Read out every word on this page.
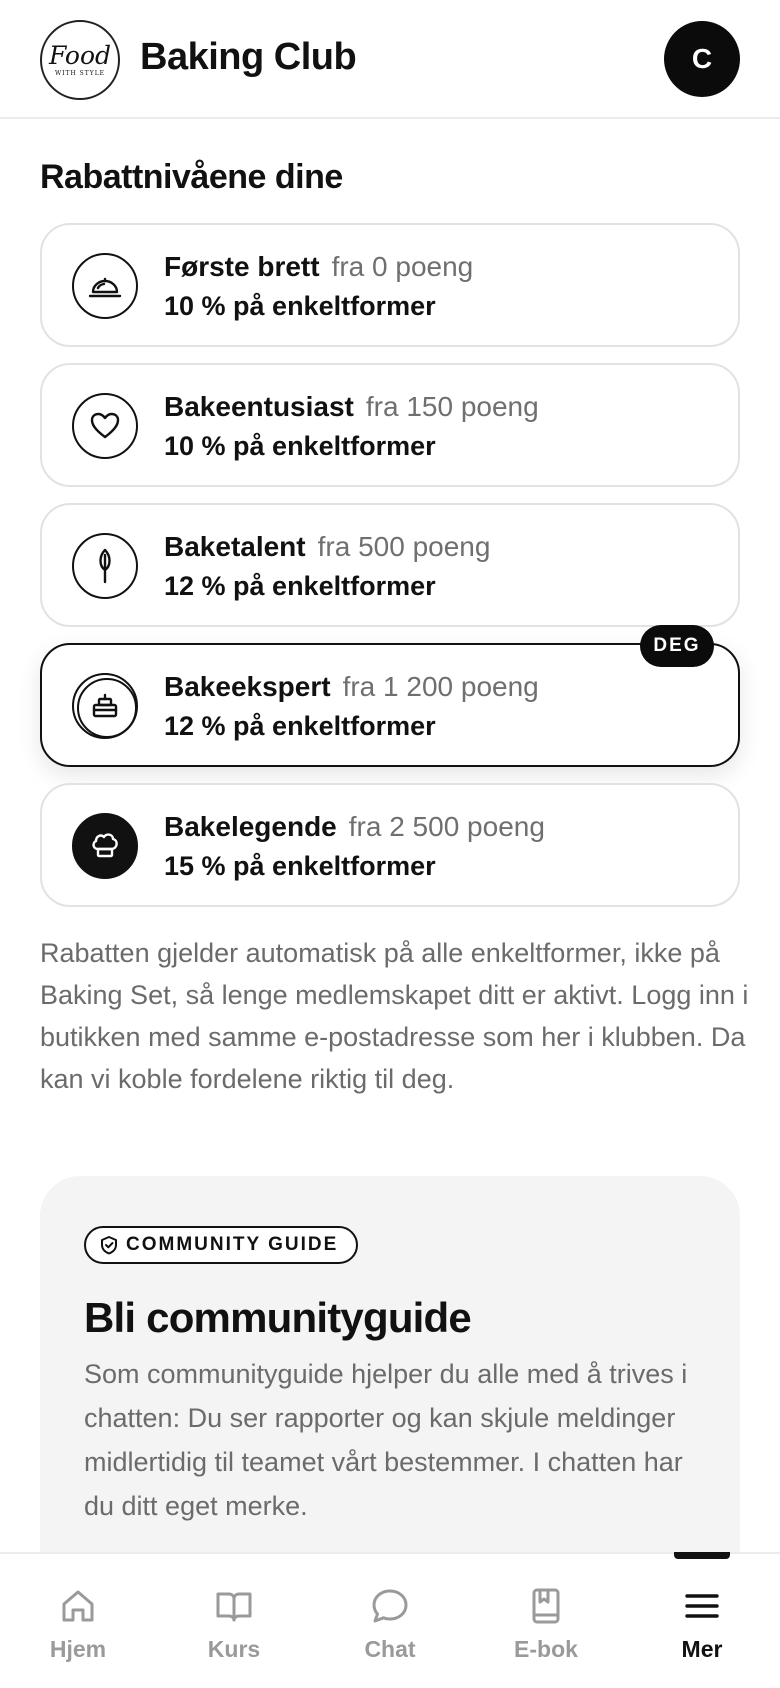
Food
WITH STYLE Baking Club	C
Rabattnivåene dine
Første brett fra 0 poeng
10 % på enkeltformer
Bakeentusiast fra 150 poeng
10 % på enkeltformer
Baketalent fra 500 poeng
12 % på enkeltformer
Bakeekspert fra 1 200 poeng
12 % på enkeltformer
DEG
Bakelegende fra 2 500 poeng
15 % på enkeltformer

Rabatten gjelder automatisk på alle enkeltformer, ikke på Baking Set, så lenge medlemskapet ditt er aktivt. Logg inn i butikken med samme e-postadresse som her i klubben. Da kan vi koble fordelene riktig til deg.

COMMUNITY GUIDE
Bli communityguide

Som communityguide hjelper du alle med å trives i chatten: Du ser rapporter og kan skjule meldinger midlertidig til teamet vårt bestemmer. I chatten har du ditt eget merke.

Hjem	Kurs	Chat	E-bok	Mer
